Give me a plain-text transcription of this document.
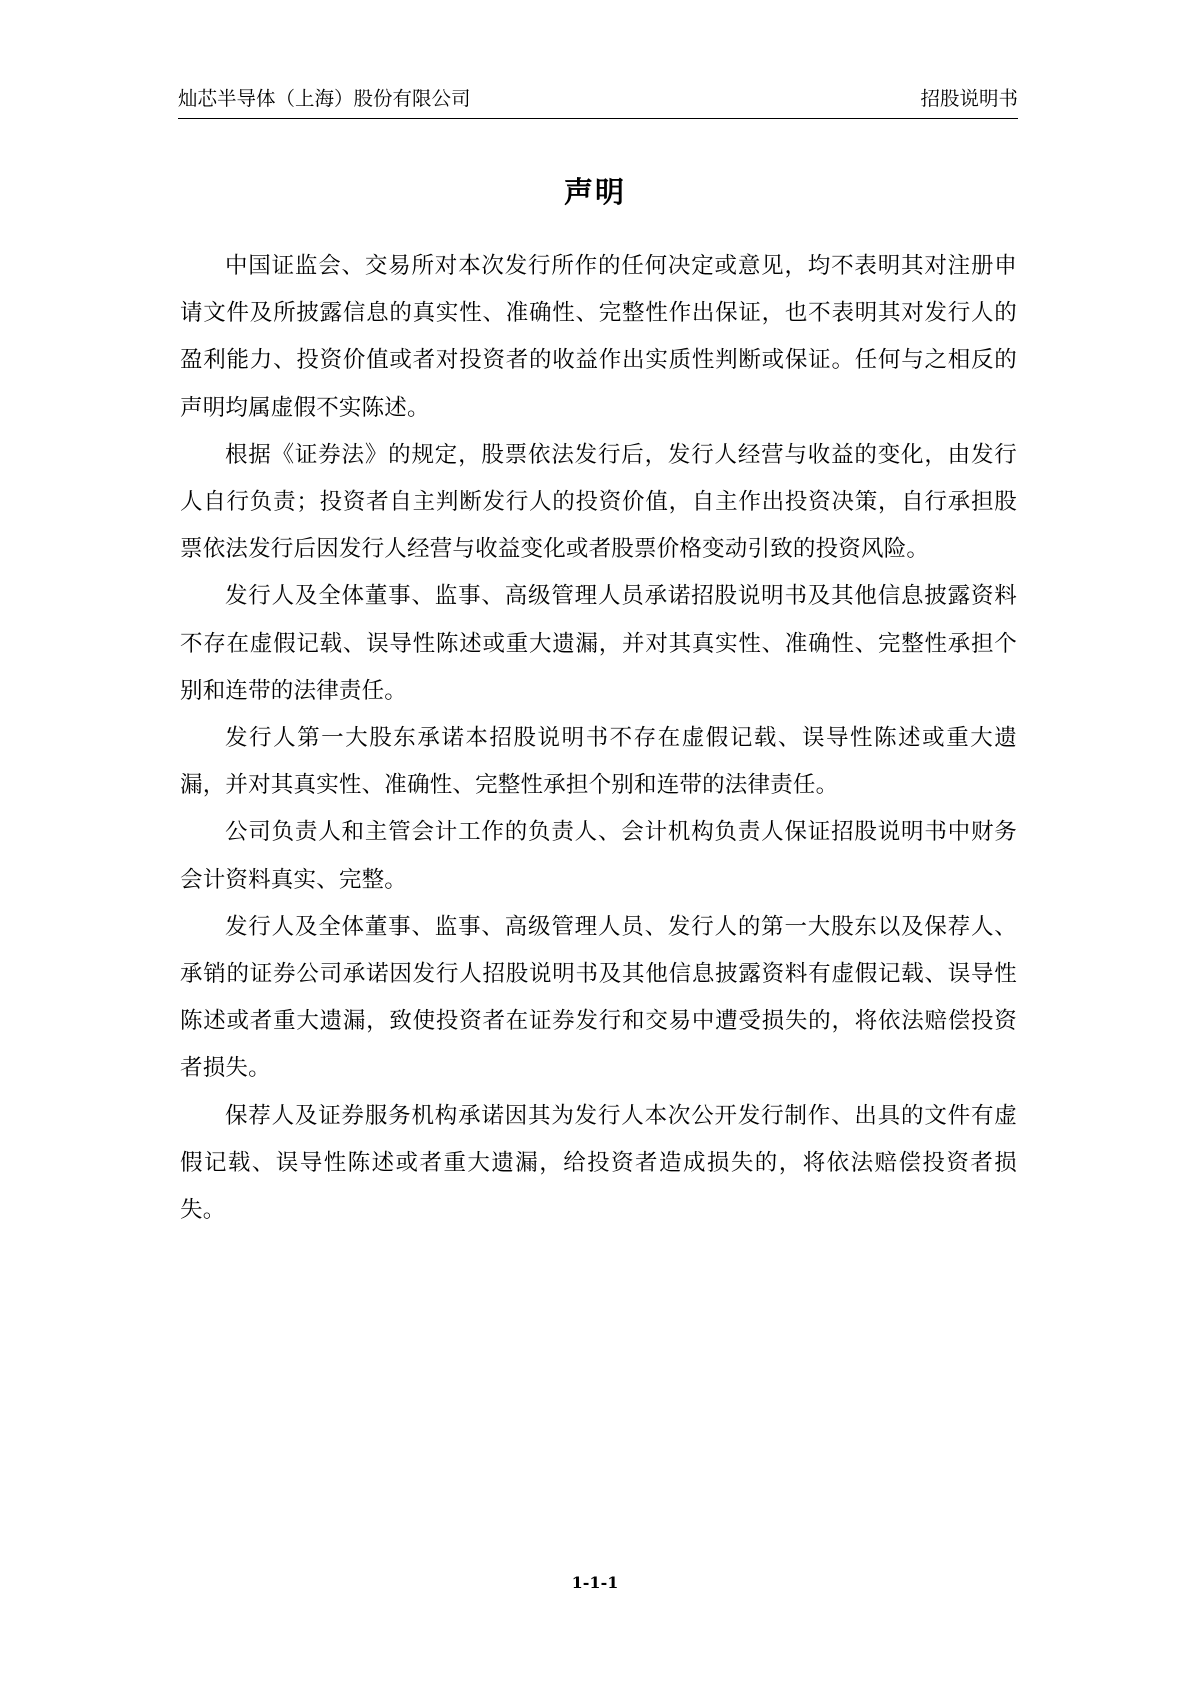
灿芯半导体（上海）股份有限公司	招股说明书
声明

中国证监会、交易所对本次发行所作的任何决定或意见，均不表明其对注册申请文件及所披露信息的真实性、准确性、完整性作出保证，也不表明其对发行人的盈利能力、投资价值或者对投资者的收益作出实质性判断或保证。任何与之相反的声明均属虚假不实陈述。

根据《证券法》的规定，股票依法发行后，发行人经营与收益的变化，由发行人自行负责；投资者自主判断发行人的投资价值，自主作出投资决策，自行承担股票依法发行后因发行人经营与收益变化或者股票价格变动引致的投资风险。

发行人及全体董事、监事、高级管理人员承诺招股说明书及其他信息披露资料不存在虚假记载、误导性陈述或重大遗漏，并对其真实性、准确性、完整性承担个别和连带的法律责任。

发行人第一大股东承诺本招股说明书不存在虚假记载、误导性陈述或重大遗漏，并对其真实性、准确性、完整性承担个别和连带的法律责任。

公司负责人和主管会计工作的负责人、会计机构负责人保证招股说明书中财务会计资料真实、完整。

发行人及全体董事、监事、高级管理人员、发行人的第一大股东以及保荐人、承销的证券公司承诺因发行人招股说明书及其他信息披露资料有虚假记载、误导性陈述或者重大遗漏，致使投资者在证券发行和交易中遭受损失的，将依法赔偿投资者损失。

保荐人及证券服务机构承诺因其为发行人本次公开发行制作、出具的文件有虚假记载、误导性陈述或者重大遗漏，给投资者造成损失的，将依法赔偿投资者损失。

1-1-1
